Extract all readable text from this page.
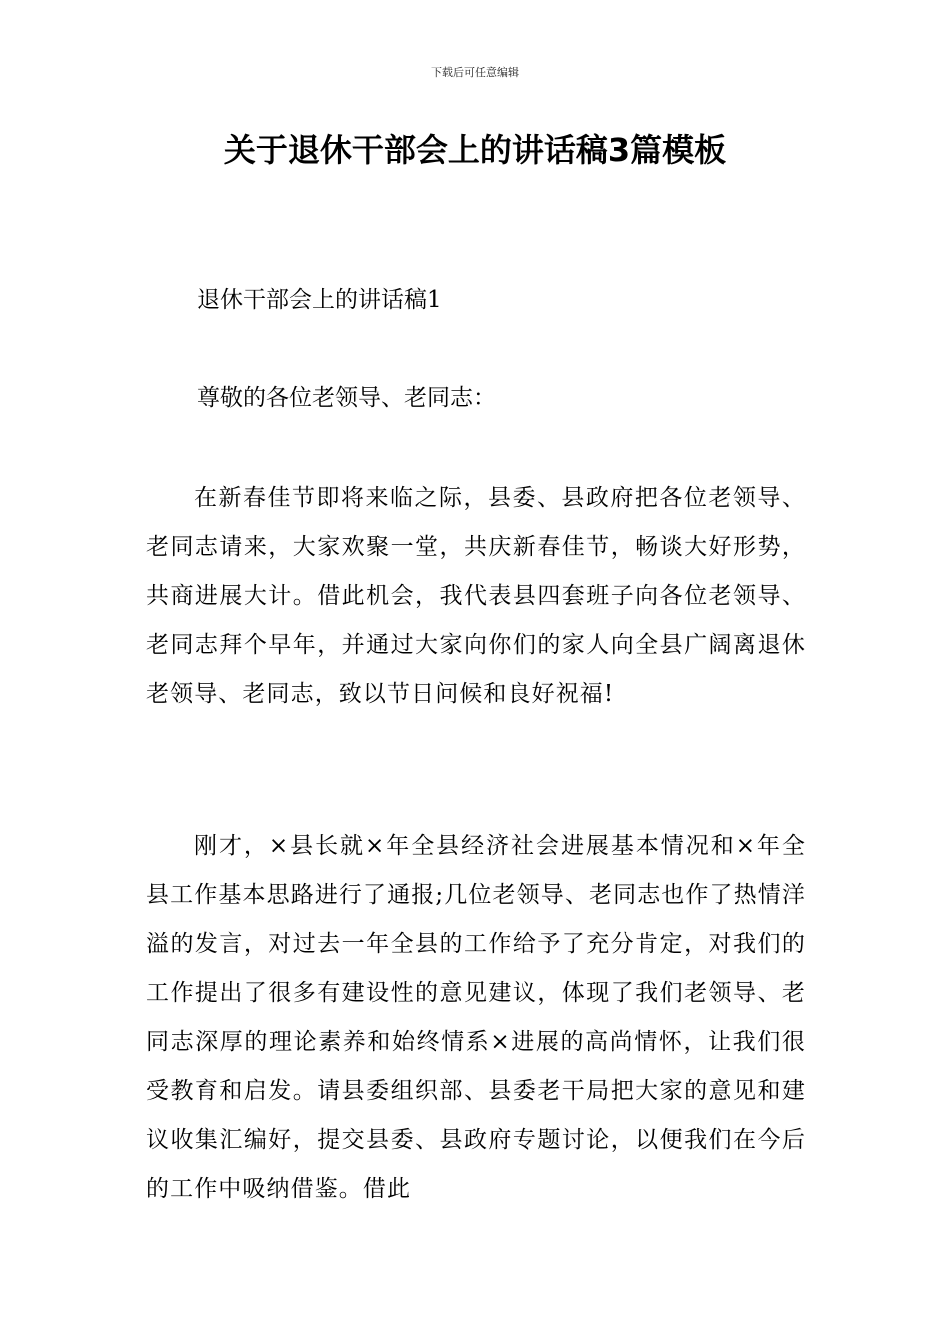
下载后可任意编辑
关于退休干部会上的讲话稿3篇模板
退休干部会上的讲话稿1

尊敬的各位老领导、老同志：

在新春佳节即将来临之际，县委、县政府把各位老领导、老同志请来，大家欢聚一堂，共庆新春佳节，畅谈大好形势，共商进展大计。借此机会，我代表县四套班子向各位老领导、老同志拜个早年，并通过大家向你们的家人向全县广阔离退休老领导、老同志，致以节日问候和良好祝福!

刚才，×县长就×年全县经济社会进展基本情况和×年全县工作基本思路进行了通报;几位老领导、老同志也作了热情洋溢的发言，对过去一年全县的工作给予了充分肯定，对我们的工作提出了很多有建设性的意见建议，体现了我们老领导、老同志深厚的理论素养和始终情系×进展的高尚情怀，让我们很受教育和启发。请县委组织部、县委老干局把大家的意见和建议收集汇编好，提交县委、县政府专题讨论，以便我们在今后的工作中吸纳借鉴。借此
